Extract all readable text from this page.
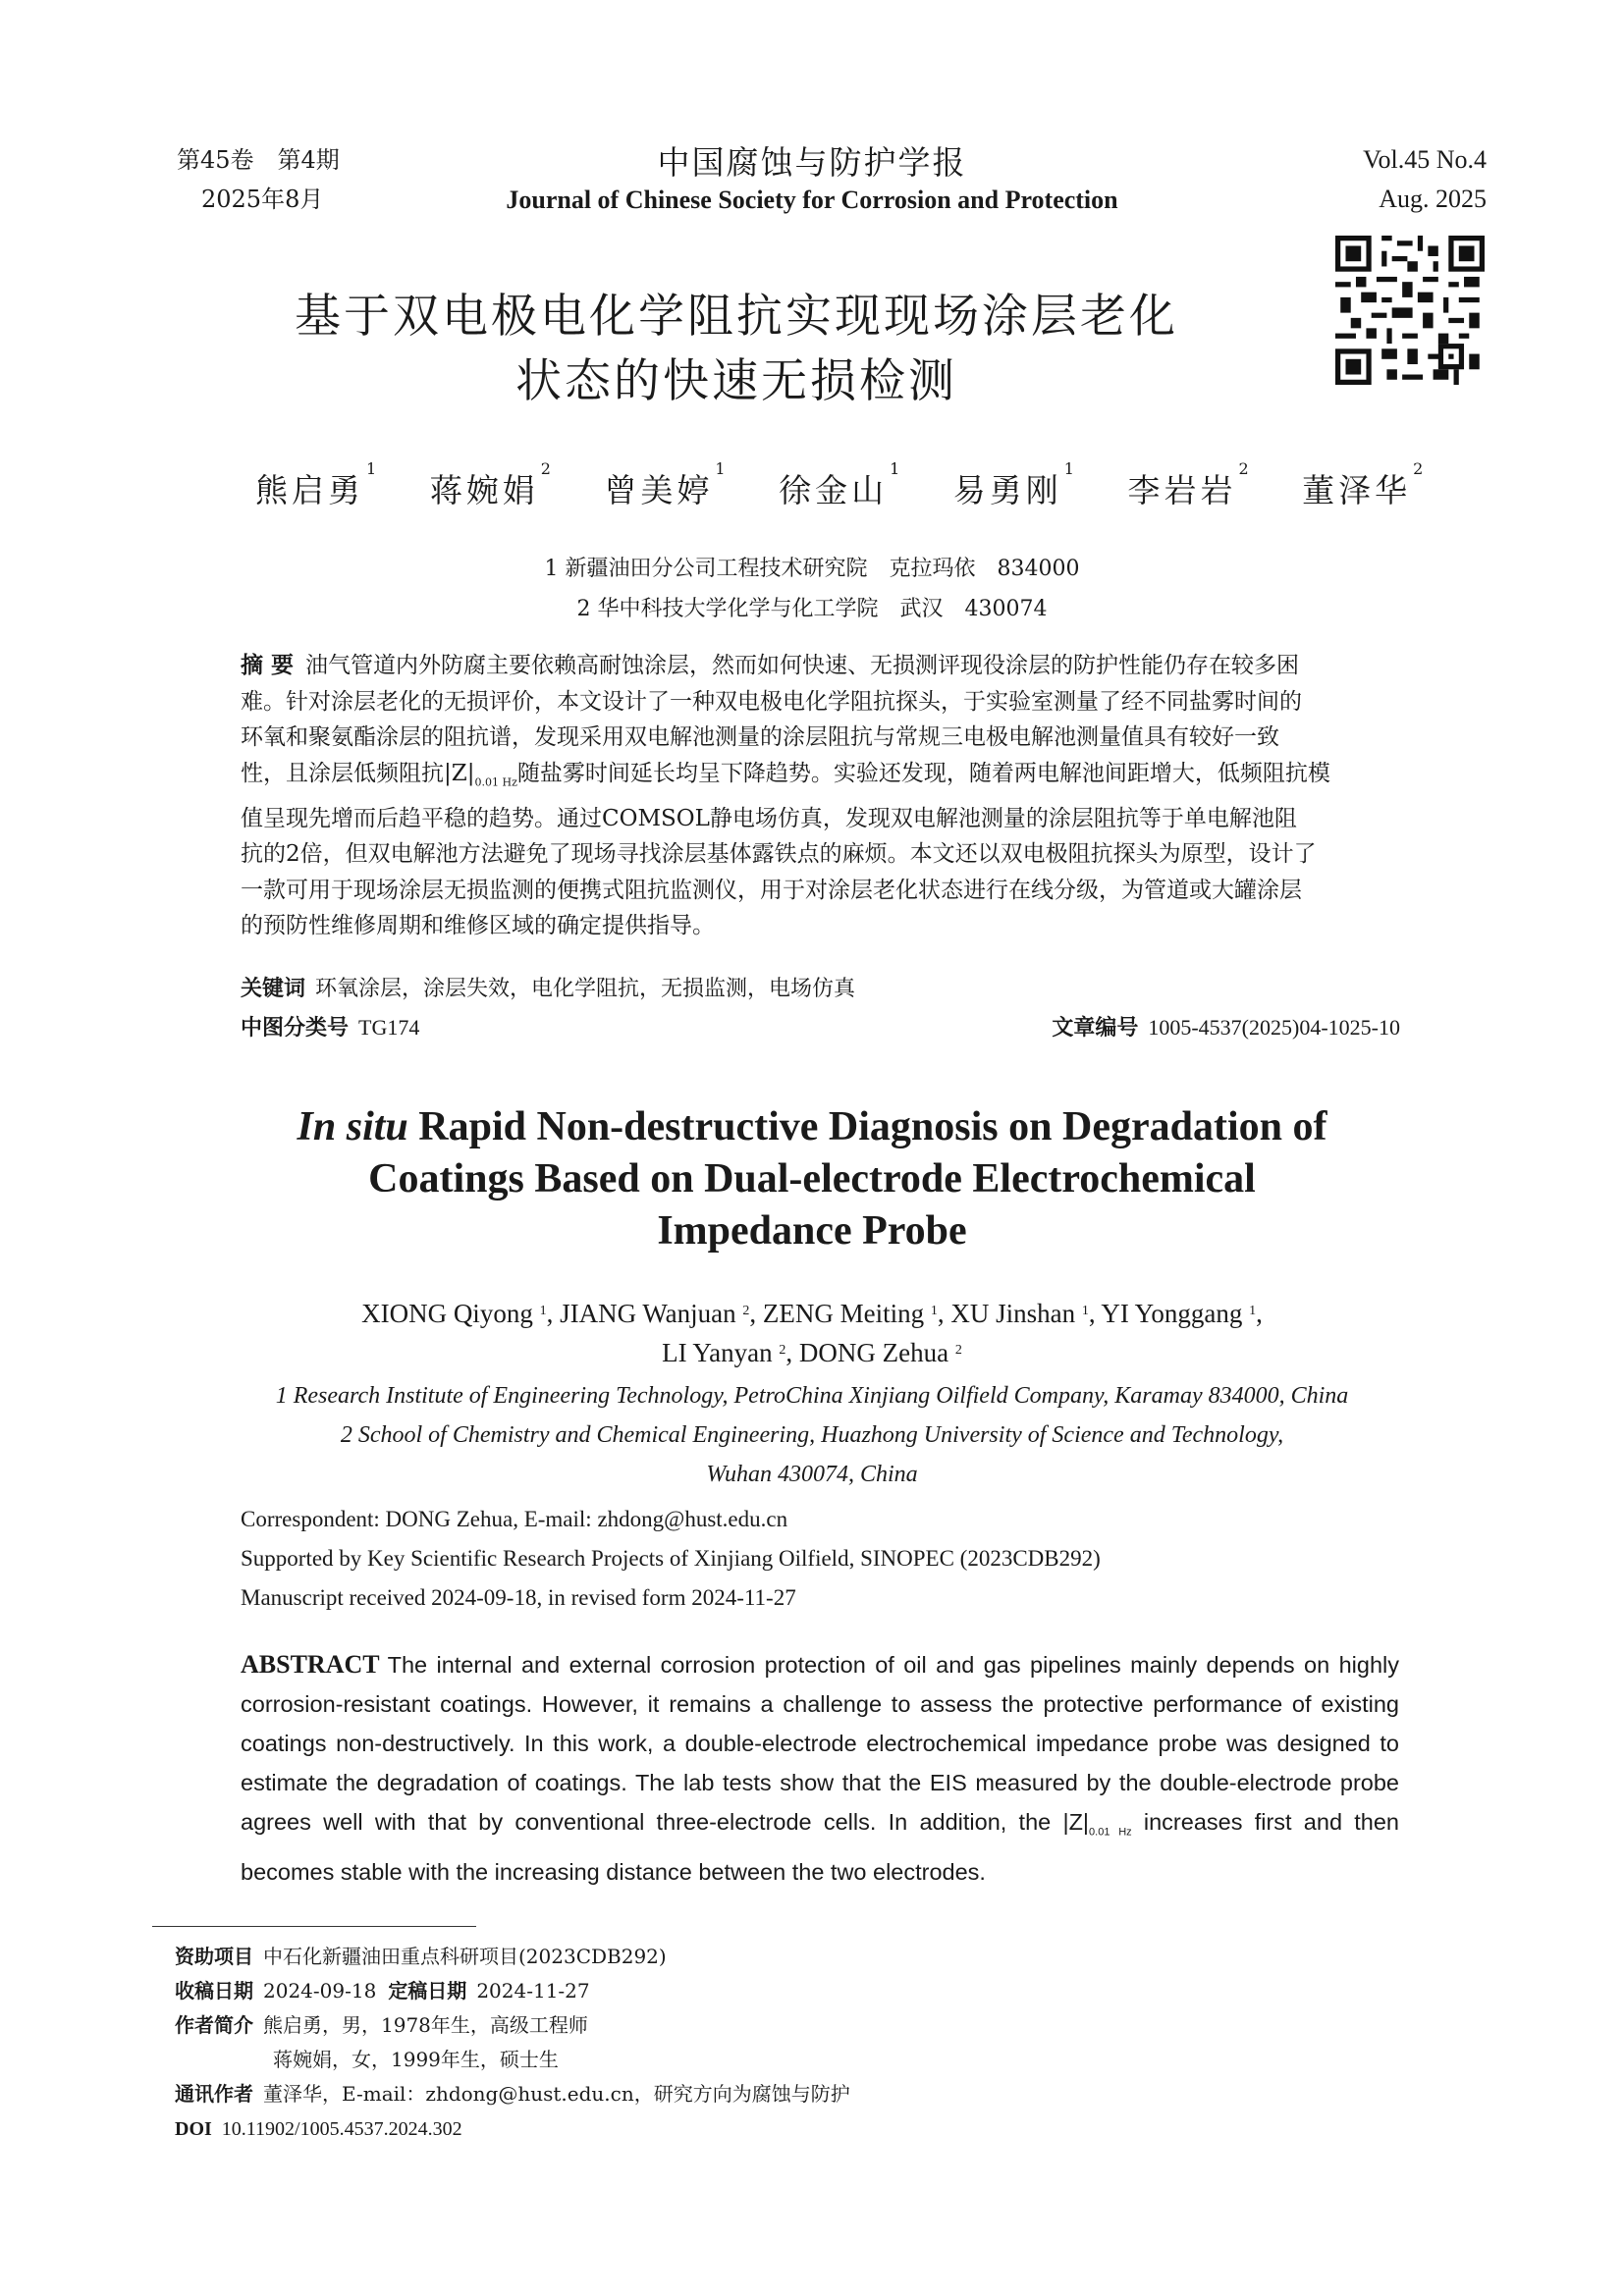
第45卷　第4期
2025年8月
中国腐蚀与防护学报
Journal of Chinese Society for Corrosion and Protection
Vol.45 No.4
Aug. 2025
基于双电极电化学阻抗实现现场涂层老化
状态的快速无损检测
熊启勇$^1$ 蒋婉娟$^2$ 曾美婷$^1$ 徐金山$^1$ 易勇刚$^1$ 李岩岩$^2$ 董泽华$^2$
1 新疆油田分公司工程技术研究院　克拉玛依　834000
2 华中科技大学化学与化工学院　武汉　430074
摘 要 油气管道内外防腐主要依赖高耐蚀涂层，然而如何快速、无损测评现役涂层的防护性能仍存在较多困
难。针对涂层老化的无损评价，本文设计了一种双电极电化学阻抗探头，于实验室测量了经不同盐雾时间的
环氧和聚氨酯涂层的阻抗谱，发现采用双电解池测量的涂层阻抗与常规三电极电解池测量值具有较好一致
性，且涂层低频阻抗$|Z|_{0.01 Hz}$随盐雾时间延长均呈下降趋势。实验还发现，随着两电解池间距增大，低频阻抗模
值呈现先增而后趋平稳的趋势。通过COMSOL静电场仿真，发现双电解池测量的涂层阻抗等于单电解池阻
抗的2倍，但双电解池方法避免了现场寻找涂层基体露铁点的麻烦。本文还以双电极阻抗探头为原型，设计了
一款可用于现场涂层无损监测的便携式阻抗监测仪，用于对涂层老化状态进行在线分级，为管道或大罐涂层
的预防性维修周期和维修区域的确定提供指导。
关键词 环氧涂层，涂层失效，电化学阻抗，无损监测，电场仿真
中图分类号 TG174	文章编号 1005-4537(2025)04-1025-10
In situ Rapid Non-destructive Diagnosis on Degradation of
Coatings Based on Dual-electrode Electrochemical
Impedance Probe
XIONG Qiyong $^1$, JIANG Wanjuan $^2$, ZENG Meiting $^1$, XU Jinshan $^1$, YI Yonggang $^1$,
LI Yanyan $^2$, DONG Zehua $^2$
1 Research Institute of Engineering Technology, PetroChina Xinjiang Oilfield Company, Karamay 834000, China
2 School of Chemistry and Chemical Engineering, Huazhong University of Science and Technology,
Wuhan 430074, China
Correspondent: DONG Zehua, E-mail: zhdong@hust.edu.cn
Supported by Key Scientific Research Projects of Xinjiang Oilfield, SINOPEC (2023CDB292)
Manuscript received 2024-09-18, in revised form 2024-11-27
ABSTRACT The internal and external corrosion protection of oil and gas pipelines mainly depends on highly corrosion-resistant coatings. However, it remains a challenge to assess the protective performance of existing coatings non-destructively. In this work, a double-electrode electrochemical impedance probe was designed to estimate the degradation of coatings. The lab tests show that the EIS measured by the double-electrode probe agrees well with that by conventional three-electrode cells. In addition, the $|Z|_{0.01 Hz}$ increases first and then becomes stable with the increasing distance between the two electrodes.
资助项目 中石化新疆油田重点科研项目(2023CDB292)
收稿日期 2024-09-18 定稿日期 2024-11-27
作者简介 熊启勇，男，1978年生，高级工程师
蒋婉娟，女，1999年生，硕士生
通讯作者 董泽华，E-mail：zhdong@hust.edu.cn，研究方向为腐蚀与防护
DOI 10.11902/1005.4537.2024.302
